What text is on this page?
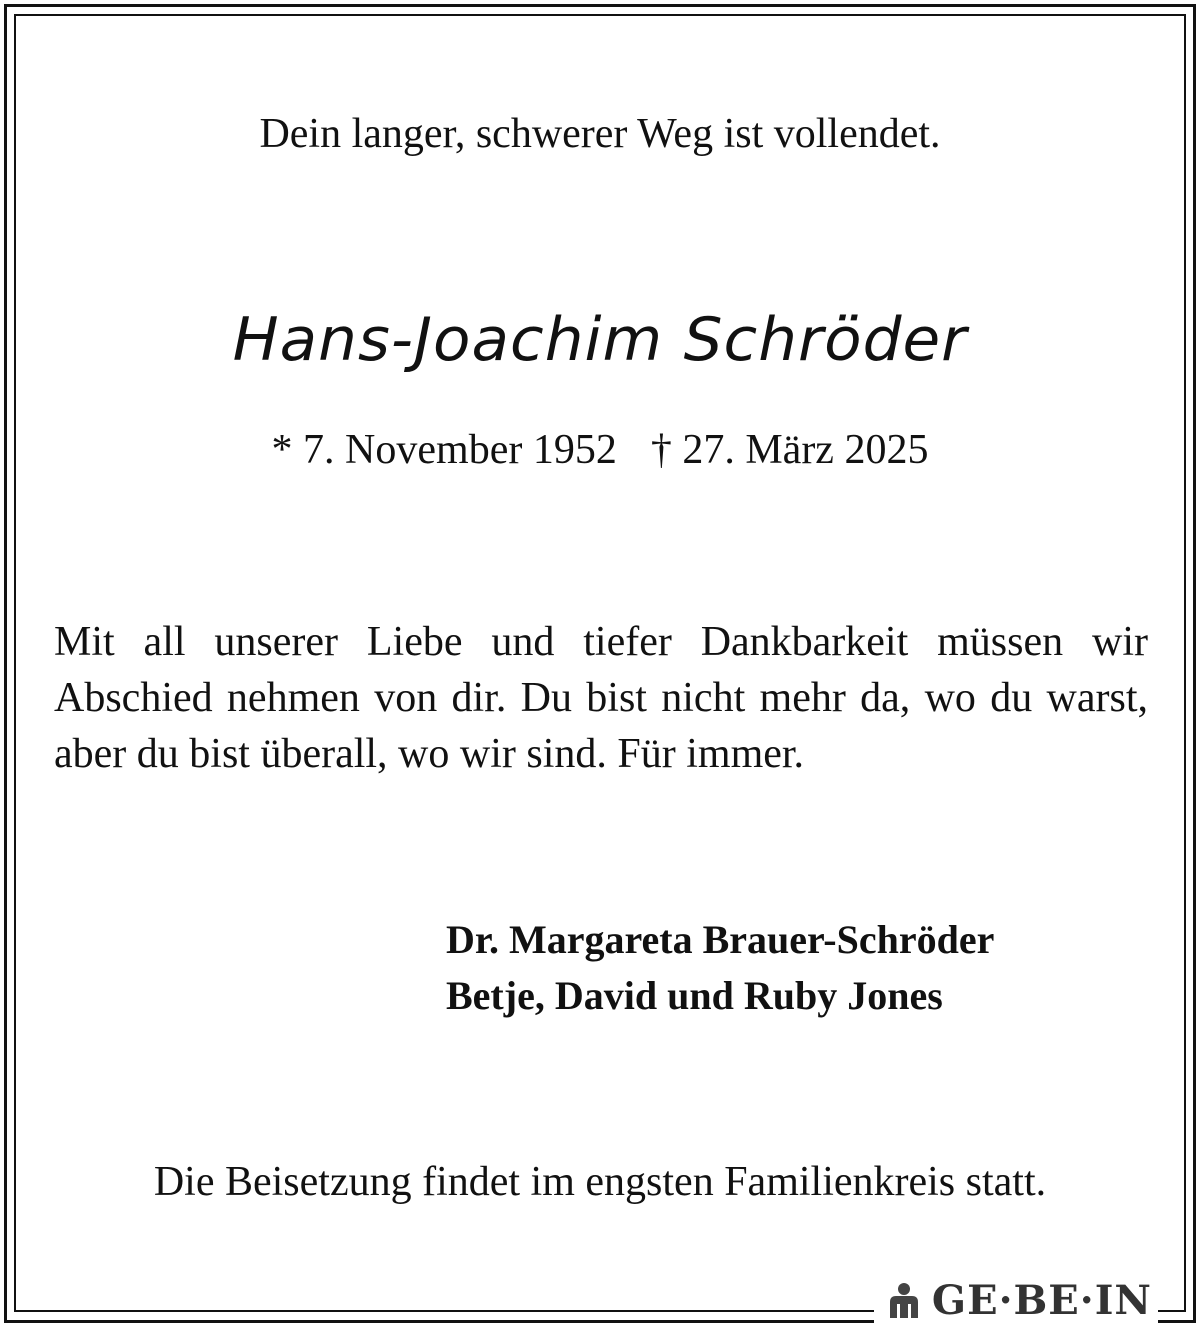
Dein langer, schwerer Weg ist vollendet.
Hans-Joachim Schröder
* 7. November 1952 † 27. März 2025
Mit all unserer Liebe und tiefer Dankbarkeit müssen wir Abschied nehmen von dir. Du bist nicht mehr da, wo du warst, aber du bist überall, wo wir sind. Für immer.
Dr. Margareta Brauer-Schröder
Betje, David und Ruby Jones
Die Beisetzung findet im engsten Familienkreis statt.
GE·BE·IN
